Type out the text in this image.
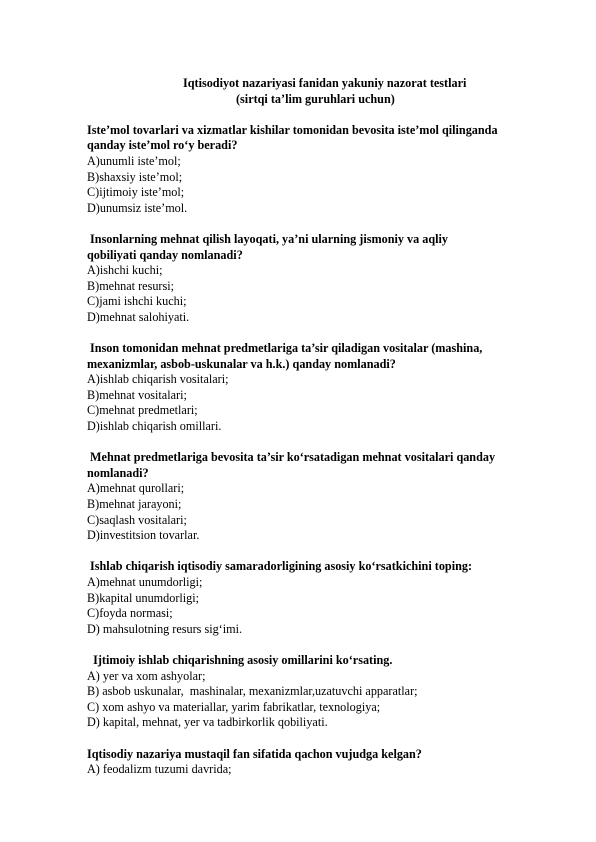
Iqtisodiyot nazariyasi fanidan yakuniy nazorat testlari
(sirtqi ta’lim guruhlari uchun)
Iste’mol tovarlari va xizmatlar kishilar tomonidan bevosita iste’mol qilinganda
qanday iste’mol ro‘y beradi?
A)unumli iste’mol;
B)shaxsiy iste’mol;
C)ijtimoiy iste’mol;
D)unumsiz iste’mol.
Insonlarning mehnat qilish layoqati, ya’ni ularning jismoniy va aqliy
qobiliyati qanday nomlanadi?
A)ishchi kuchi;
B)mehnat resursi;
C)jami ishchi kuchi;
D)mehnat salohiyati.
Inson tomonidan mehnat predmetlariga ta’sir qiladigan vositalar (mashina,
mexanizmlar, asbob-uskunalar va h.k.) qanday nomlanadi?
A)ishlab chiqarish vositalari;
B)mehnat vositalari;
C)mehnat predmetlari;
D)ishlab chiqarish omillari.
Mehnat predmetlariga bevosita ta’sir ko‘rsatadigan mehnat vositalari qanday
nomlanadi?
A)mehnat qurollari;
B)mehnat jarayoni;
C)saqlash vositalari;
D)investitsion tovarlar.
Ishlab chiqarish iqtisodiy samaradorligining asosiy ko‘rsatkichini toping:
A)mehnat unumdorligi;
B)kapital unumdorligi;
C)foyda normasi;
D) mahsulotning resurs sig‘imi.
Ijtimoiy ishlab chiqarishning asosiy omillarini ko‘rsating.
A) yer va xom ashyolar;
B) asbob uskunalar,  mashinalar, mexanizmlar,uzatuvchi apparatlar;
C) xom ashyo va materiallar, yarim fabrikatlar, texnologiya;
D) kapital, mehnat, yer va tadbirkorlik qobiliyati.
Iqtisodiy nazariya mustaqil fan sifatida qachon vujudga kelgan?
A) feodalizm tuzumi davrida;
